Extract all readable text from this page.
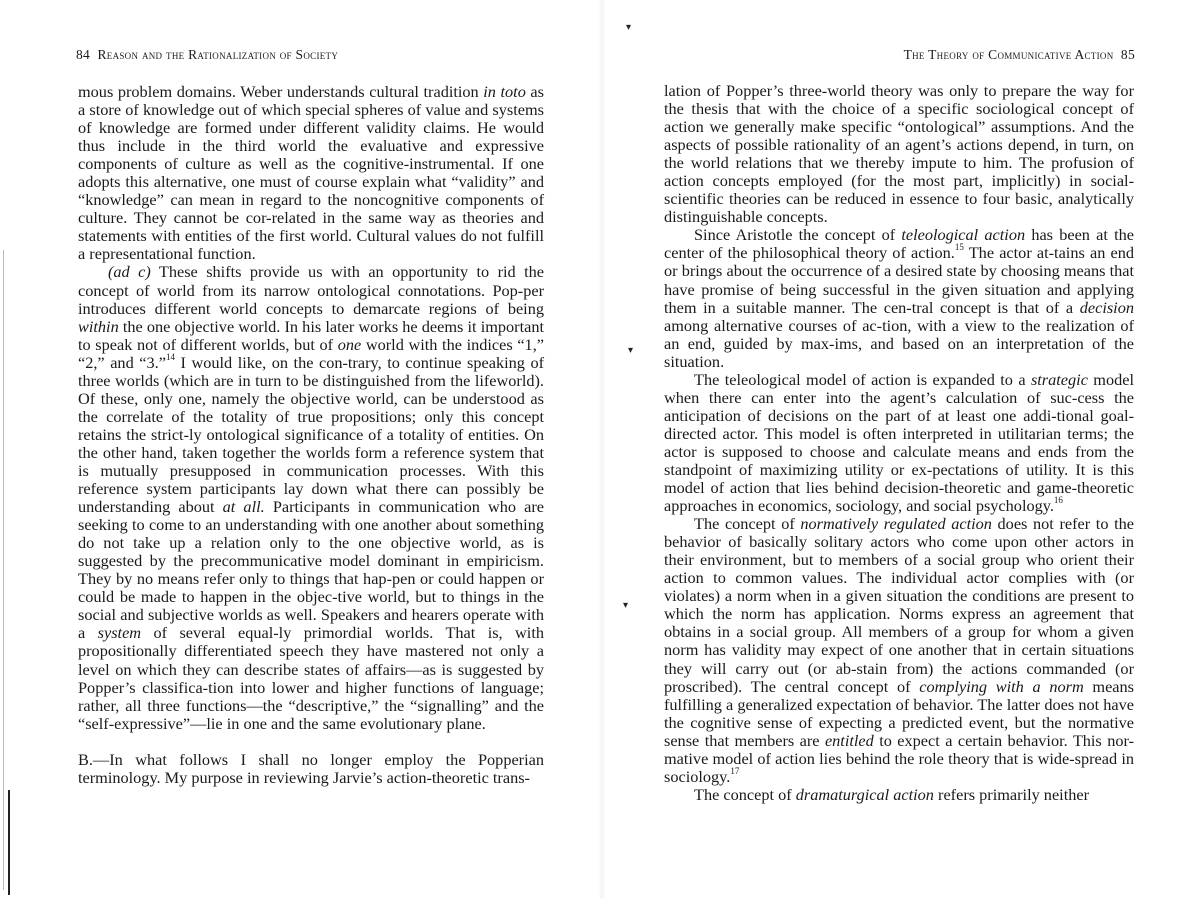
▾
▾
▾
84 Reason and the Rationalization of Society

mous problem domains. Weber understands cultural tradition in toto as a store of knowledge out of which special spheres of value and systems of knowledge are formed under different validity claims. He would thus include in the third world the evaluative and expressive components of culture as well as the cognitive-instrumental. If one adopts this alternative, one must of course explain what “validity” and “knowledge” can mean in regard to the noncognitive components of culture. They cannot be cor-related in the same way as theories and statements with entities of the first world. Cultural values do not fulfill a representational function.

(ad c) These shifts provide us with an opportunity to rid the concept of world from its narrow ontological connotations. Pop-per introduces different world concepts to demarcate regions of being within the one objective world. In his later works he deems it important to speak not of different worlds, but of one world with the indices “1,” “2,” and “3.”$^{14}$ I would like, on the con-trary, to continue speaking of three worlds (which are in turn to be distinguished from the lifeworld). Of these, only one, namely the objective world, can be understood as the correlate of the totality of true propositions; only this concept retains the strict-ly ontological significance of a totality of entities. On the other hand, taken together the worlds form a reference system that is mutually presupposed in communication processes. With this reference system participants lay down what there can possibly be understanding about at all. Participants in communication who are seeking to come to an understanding with one another about something do not take up a relation only to the one objective world, as is suggested by the precommunicative model dominant in empiricism. They by no means refer only to things that hap-pen or could happen or could be made to happen in the objec-tive world, but to things in the social and subjective worlds as well. Speakers and hearers operate with a system of several equal-ly primordial worlds. That is, with propositionally differentiated speech they have mastered not only a level on which they can describe states of affairs—as is suggested by Popper’s classifica-tion into lower and higher functions of language; rather, all three functions—the “descriptive,” the “signalling” and the “self-expressive”—lie in one and the same evolutionary plane.

B.—In what follows I shall no longer employ the Popperian terminology. My purpose in reviewing Jarvie’s action-theoretic trans-

The Theory of Communicative Action 85

lation of Popper’s three-world theory was only to prepare the way for the thesis that with the choice of a specific sociological concept of action we generally make specific “ontological” assumptions. And the aspects of possible rationality of an agent’s actions depend, in turn, on the world relations that we thereby impute to him. The profusion of action concepts employed (for the most part, implicitly) in social-scientific theories can be reduced in essence to four basic, analytically distinguishable concepts.

Since Aristotle the concept of teleological action has been at the center of the philosophical theory of action.$^{15}$ The actor at-tains an end or brings about the occurrence of a desired state by choosing means that have promise of being successful in the given situation and applying them in a suitable manner. The cen-tral concept is that of a decision among alternative courses of ac-tion, with a view to the realization of an end, guided by max-ims, and based on an interpretation of the situation.

The teleological model of action is expanded to a strategic model when there can enter into the agent’s calculation of suc-cess the anticipation of decisions on the part of at least one addi-tional goal-directed actor. This model is often interpreted in utilitarian terms; the actor is supposed to choose and calculate means and ends from the standpoint of maximizing utility or ex-pectations of utility. It is this model of action that lies behind decision-theoretic and game-theoretic approaches in economics, sociology, and social psychology.$^{16}$

The concept of normatively regulated action does not refer to the behavior of basically solitary actors who come upon other actors in their environment, but to members of a social group who orient their action to common values. The individual actor complies with (or violates) a norm when in a given situation the conditions are present to which the norm has application. Norms express an agreement that obtains in a social group. All members of a group for whom a given norm has validity may expect of one another that in certain situations they will carry out (or ab-stain from) the actions commanded (or proscribed). The central concept of complying with a norm means fulfilling a generalized expectation of behavior. The latter does not have the cognitive sense of expecting a predicted event, but the normative sense that members are entitled to expect a certain behavior. This nor-mative model of action lies behind the role theory that is wide-spread in sociology.$^{17}$

The concept of dramaturgical action refers primarily neither
